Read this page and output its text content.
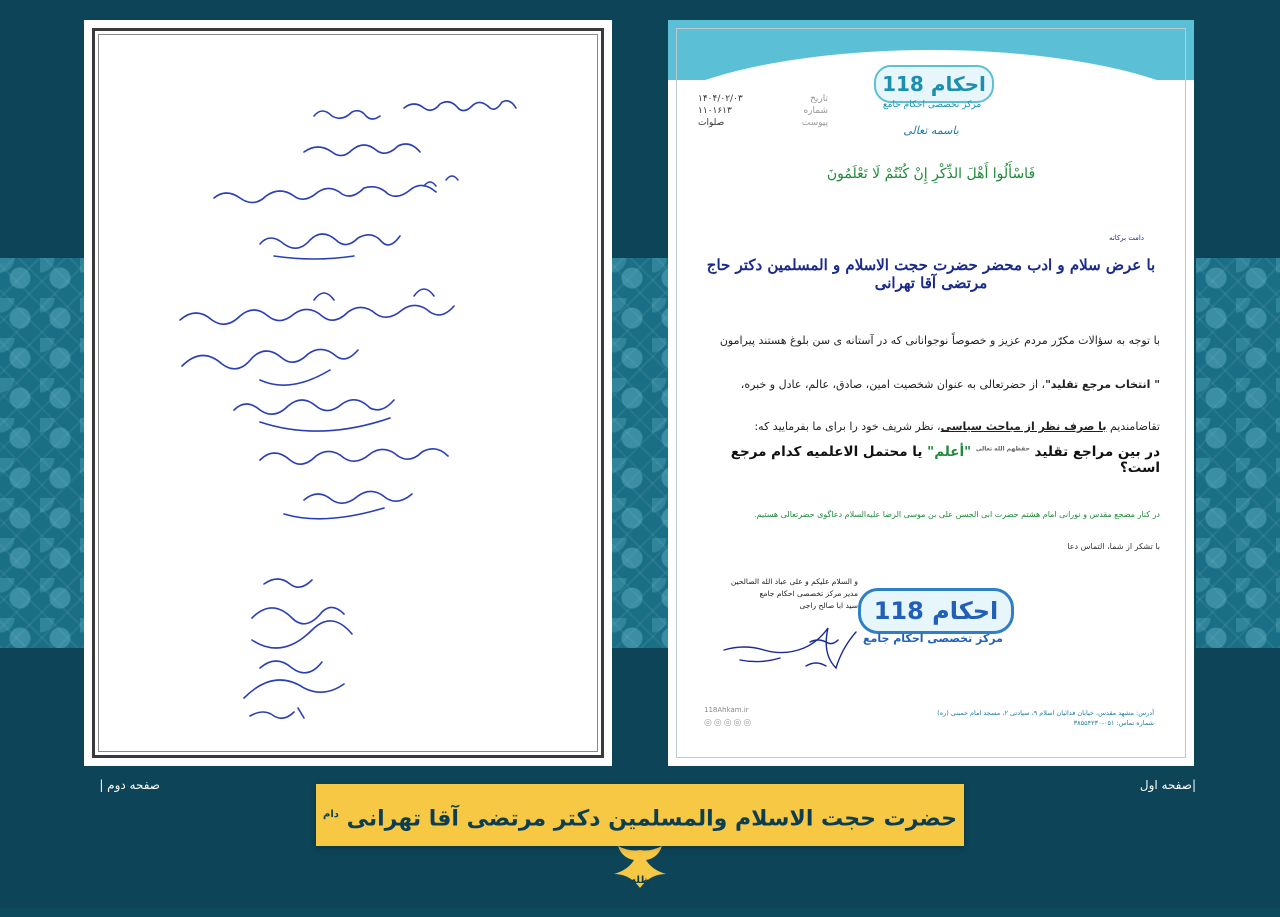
118 احکام
مرکز تخصصی احکام جامع
۱۴۰۴/۰۲/۰۳	تاریخ
۱۱۰۱۶۱۳	شماره
صلوات	پیوست
باسمه تعالی
فَاسْأَلُوا أَهْلَ الذِّكْرِ إِنْ كُنْتُمْ لَا تَعْلَمُونَ
دامت برکاته
با عرض سلام و ادب محضر حضرت حجت الاسلام و المسلمین دکتر حاج مرتضی آقا تهرانی
با توجه به سؤالات مکرّر مردم عزیز و خصوصاً نوجوانانی که در آستانه ی سن بلوغ هستند پیرامون
" انتخاب مرجع تقلید"، از حضرتعالی به عنوان شخصیت امین، صادق، عالم، عادل و خبره،
تقاضامندیم با صرف نظر از مباحث سیاسی، نظر شریف خود را برای ما بفرمایید که:
در بین مراجع تقلید $^{حفظهم الله تعالی}$ "أعلم" یا محتمل الاعلمیه کدام مرجع است؟
در کنار مضجع مقدس و نورانی امام هشتم حضرت ابی الحسن علی بن موسی الرضا علیه‌السلام دعاگوی حضرتعالی هستیم.
با تشکر از شما، التماس دعا
و السلام علیکم و علی عباد الله الصالحین
مدیر مرکز تخصصی احکام جامع
سید ابا صالح راجی 118 احکام
مرکز تخصصی احکام جامع
118Ahkam.ir
◎◎◎◎◎
آدرس: مشهد مقدس، خیابان فدائیان اسلام ۹، سیادتی ۲، مسجد امام خمینی (ره)
شماره تماس: ۰۵۱-۳۸۵۵۴۲۳۰
صفحه دوم |	|صفحه اول
حضرت حجت الاسلام والمسلمین دکتر مرتضی آقا تهرانی $^{دام ظله}$
